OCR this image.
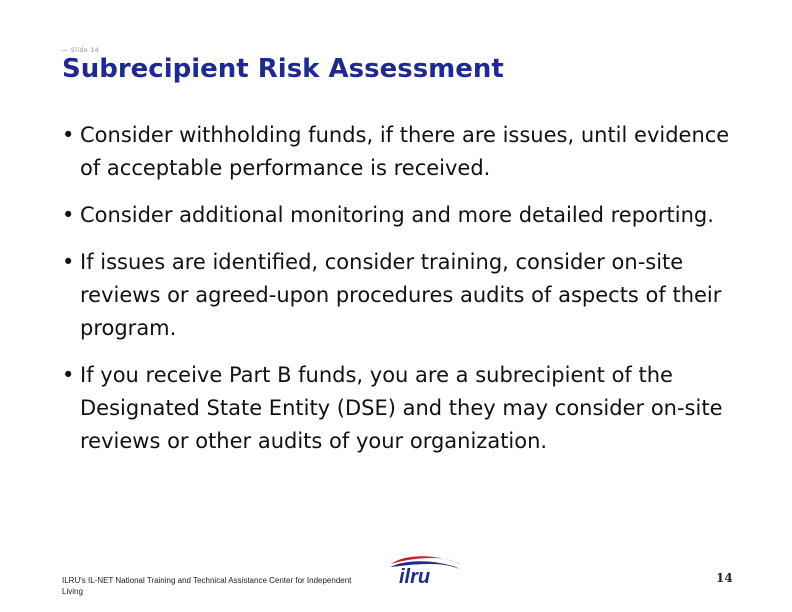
— Slide 14
Subrecipient Risk Assessment
• Consider withholding funds, if there are issues, until evidence of acceptable performance is received.
• Consider additional monitoring and more detailed reporting.
• If issues are identified, consider training, consider on-site reviews or agreed-upon procedures audits of aspects of their program.
• If you receive Part B funds, you are a subrecipient of the Designated State Entity (DSE) and they may consider on-site reviews or other audits of your organization.
ILRU's IL-NET National Training and Technical Assistance Center for Independent Living
ilru	14
